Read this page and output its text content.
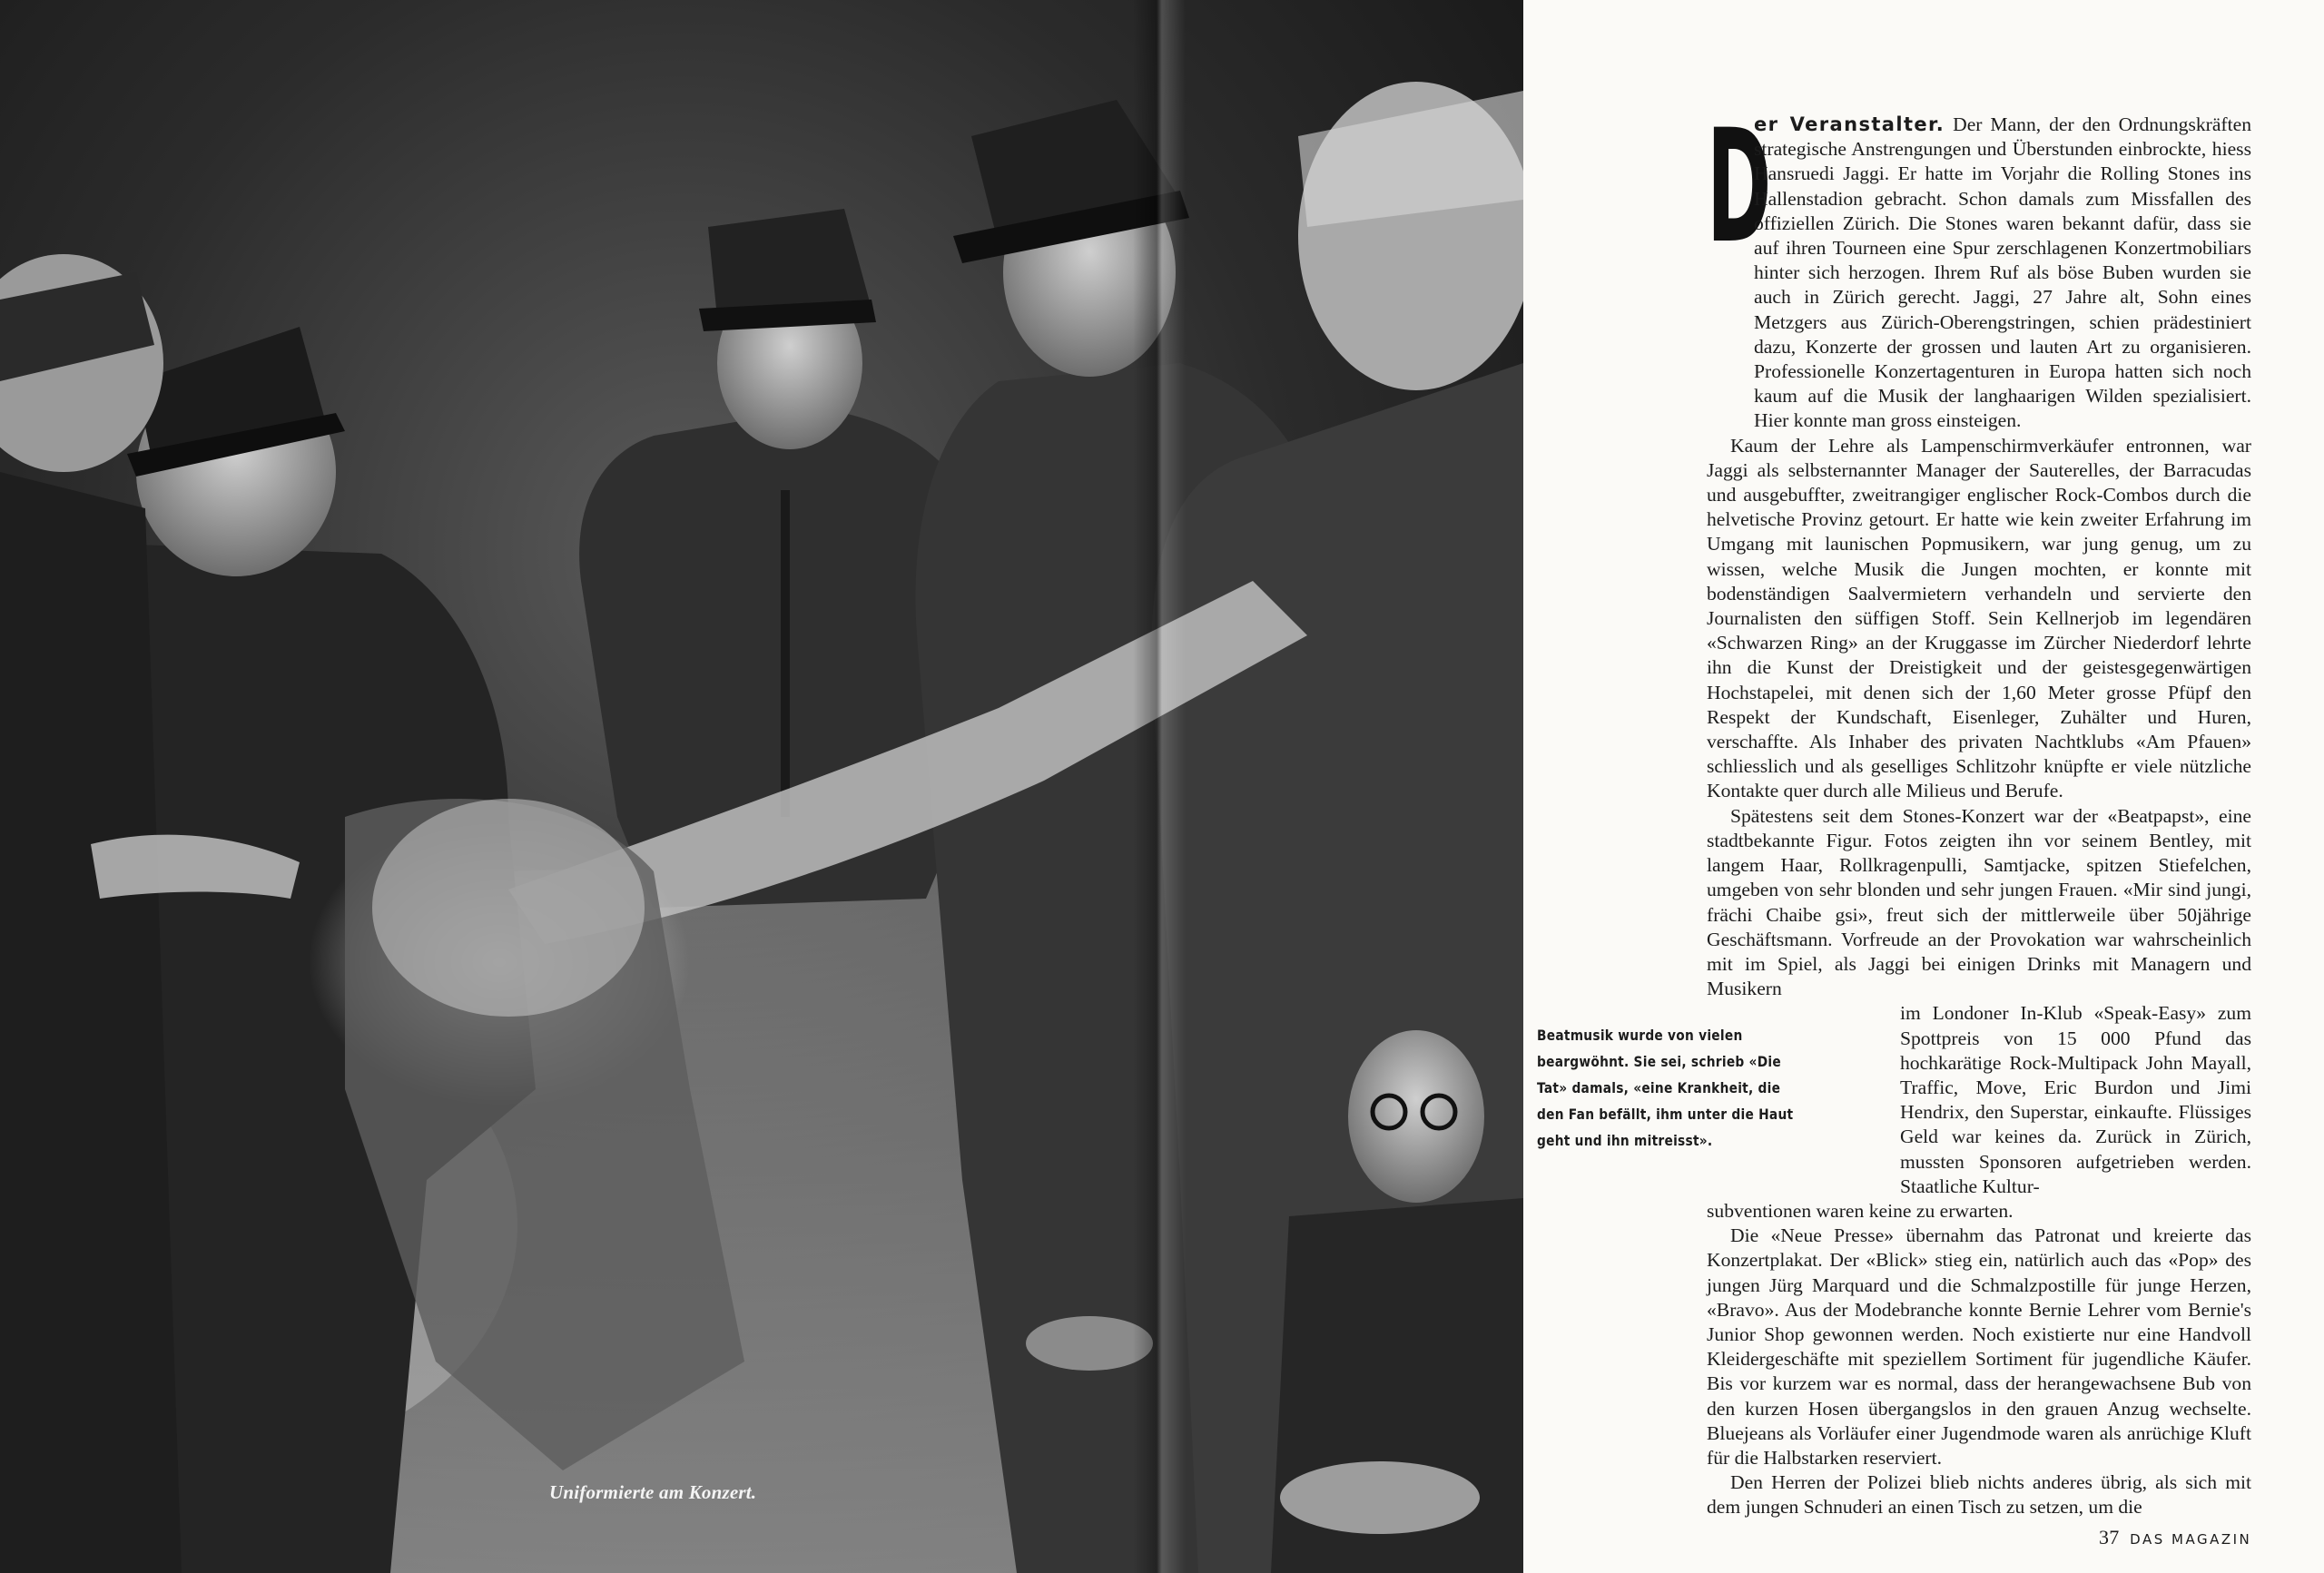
Uniformierte am Konzert.
D

er Veranstalter. Der Mann, der den Ordnungskräften strategische Anstrengungen und Überstunden einbrockte, hiess Hansruedi Jaggi. Er hatte im Vorjahr die Rolling Stones ins Hallenstadion gebracht. Schon damals zum Missfallen des offiziellen Zürich. Die Stones waren bekannt dafür, dass sie auf ihren Tourneen eine Spur zerschlagenen Konzertmobiliars hinter sich herzogen. Ihrem Ruf als böse Buben wurden sie auch in Zürich gerecht. Jaggi, 27 Jahre alt, Sohn eines Metzgers aus Zürich-Oberengstringen, schien prädestiniert dazu, Konzerte der grossen und lauten Art zu organisieren. Professionelle Konzertagenturen in Europa hatten sich noch kaum auf die Musik der langhaarigen Wilden spezialisiert. Hier konnte man gross einsteigen.

Kaum der Lehre als Lampenschirmverkäufer entronnen, war Jaggi als selbsternannter Manager der Sauterelles, der Barracudas und ausgebuffter, zweitrangiger englischer Rock-Combos durch die helvetische Provinz getourt. Er hatte wie kein zweiter Erfahrung im Umgang mit launischen Popmusikern, war jung genug, um zu wissen, welche Musik die Jungen mochten, er konnte mit bodenständigen Saalvermietern verhandeln und servierte den Journalisten den süffigen Stoff. Sein Kellnerjob im legendären «Schwarzen Ring» an der Kruggasse im Zürcher Niederdorf lehrte ihn die Kunst der Dreistigkeit und der geistesgegenwärtigen Hochstapelei, mit denen sich der 1,60 Meter grosse Pfüpf den Respekt der Kundschaft, Eisenleger, Zuhälter und Huren, verschaffte. Als Inhaber des privaten Nachtklubs «Am Pfauen» schliesslich und als geselliges Schlitzohr knüpfte er viele nützliche Kontakte quer durch alle Milieus und Berufe.

Spätestens seit dem Stones-Konzert war der «Beatpapst», eine stadtbekannte Figur. Fotos zeigten ihn vor seinem Bentley, mit langem Haar, Rollkragenpulli, Samtjacke, spitzen Stiefelchen, umgeben von sehr blonden und sehr jungen Frauen. «Mir sind jungi, frächi Chaibe gsi», freut sich der mittlerweile über 50jährige Geschäftsmann. Vorfreude an der Provokation war wahrscheinlich mit im Spiel, als Jaggi bei einigen Drinks mit Managern und Musikern

im Londoner In-Klub «Speak-Easy» zum Spottpreis von 15 000 Pfund das hochkarätige Rock-Multipack John Mayall, Traffic, Move, Eric Burdon und Jimi Hendrix, den Superstar, einkaufte. Flüssiges Geld war keines da. Zurück in Zürich, mussten Sponsoren aufgetrieben werden. Staatliche Kultur-

subventionen waren keine zu erwarten.

Die «Neue Presse» übernahm das Patronat und kreierte das Konzertplakat. Der «Blick» stieg ein, natürlich auch das «Pop» des jungen Jürg Marquard und die Schmalzpostille für junge Herzen, «Bravo». Aus der Modebranche konnte Bernie Lehrer vom Bernie's Junior Shop gewonnen werden. Noch existierte nur eine Handvoll Kleidergeschäfte mit speziellem Sortiment für jugendliche Käufer. Bis vor kurzem war es normal, dass der herangewachsene Bub von den kurzen Hosen übergangslos in den grauen Anzug wechselte. Bluejeans als Vorläufer einer Jugendmode waren als anrüchige Kluft für die Halbstarken reserviert.

Den Herren der Polizei blieb nichts anderes übrig, als sich mit dem jungen Schnuderi an einen Tisch zu setzen, um die

Beatmusik wurde von vielen beargwöhnt. Sie sei, schrieb «Die Tat» damals, «eine Krankheit, die den Fan befällt, ihm unter die Haut geht und ihn mitreisst».
37 DAS MAGAZIN
